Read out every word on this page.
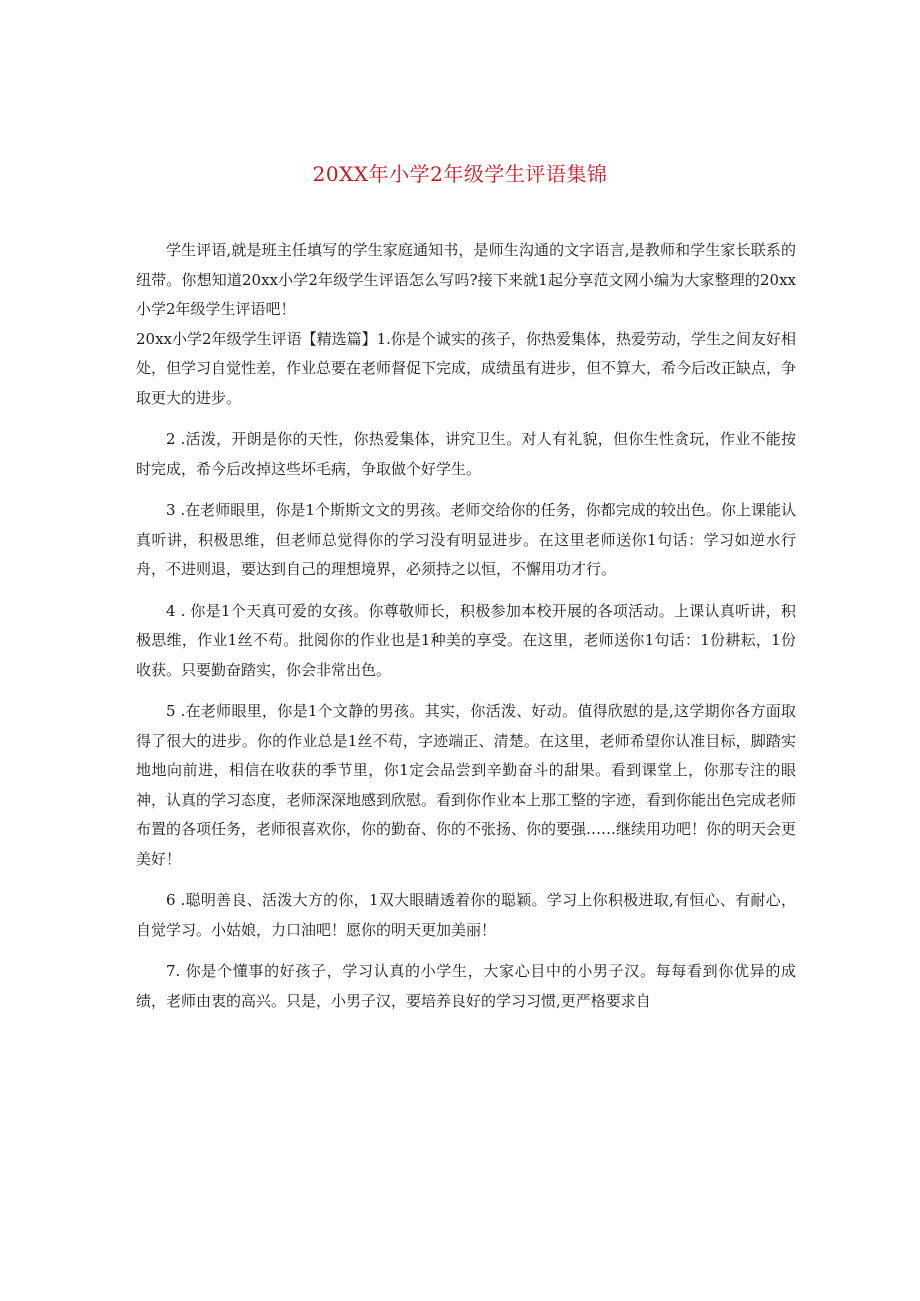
20XX年小学2年级学生评语集锦

学生评语,就是班主任填写的学生家庭通知书，是师生沟通的文字语言,是教师和学生家长联系的纽带。你想知道20xx小学2年级学生评语怎么写吗?接下来就1起分享范文网小编为大家整理的20xx小学2年级学生评语吧！

20xx小学2年级学生评语【精选篇】1.你是个诚实的孩子，你热爱集体，热爱劳动，学生之间友好相处，但学习自觉性差，作业总要在老师督促下完成，成绩虽有进步，但不算大，希今后改正缺点，争取更大的进步。

2 .活泼，开朗是你的天性，你热爱集体，讲究卫生。对人有礼貌，但你生性贪玩，作业不能按时完成，希今后改掉这些坏毛病，争取做个好学生。

3 .在老师眼里，你是1个斯斯文文的男孩。老师交给你的任务，你都完成的较出色。你上课能认真听讲，积极思维，但老师总觉得你的学习没有明显进步。在这里老师送你1句话：学习如逆水行舟，不进则退，要达到自己的理想境界，必须持之以恒，不懈用功才行。

4 . 你是1个天真可爱的女孩。你尊敬师长，积极参加本校开展的各项活动。上课认真听讲，积极思维，作业1丝不苟。批阅你的作业也是1种美的享受。在这里，老师送你1句话：1份耕耘，1份收获。只要勤奋踏实，你会非常出色。

5 .在老师眼里，你是1个文静的男孩。其实，你活泼、好动。值得欣慰的是,这学期你各方面取得了很大的进步。你的作业总是1丝不苟，字迹端正、清楚。在这里，老师希望你认准目标，脚踏实地地向前进，相信在收获的季节里，你1定会品尝到辛勤奋斗的甜果。看到课堂上，你那专注的眼神，认真的学习态度，老师深深地感到欣慰。看到你作业本上那工整的字迹，看到你能出色完成老师布置的各项任务，老师很喜欢你，你的勤奋、你的不张扬、你的要强……继续用功吧！你的明天会更美好！

6 .聪明善良、活泼大方的你，1双大眼睛透着你的聪颖。学习上你积极进取,有恒心、有耐心，自觉学习。小姑娘，力口油吧！愿你的明天更加美丽！

7. 你是个懂事的好孩子，学习认真的小学生，大家心目中的小男子汉。每每看到你优异的成绩，老师由衷的高兴。只是，小男子汉，要培养良好的学习习惯,更严格要求自
